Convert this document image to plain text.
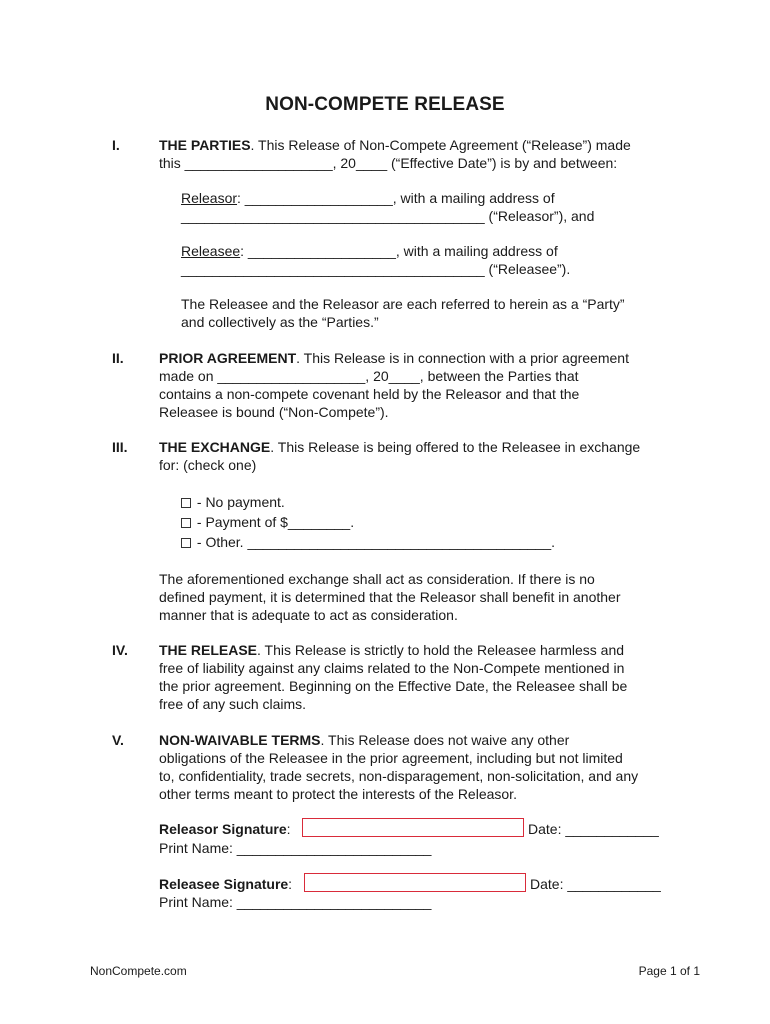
NON-COMPETE RELEASE
I.	THE PARTIES. This Release of Non-Compete Agreement (“Release”) made
this ___________________, 20____ (“Effective Date”) is by and between:
Releasor: ___________________, with a mailing address of
_______________________________________ (“Releasor”), and
Releasee: ___________________, with a mailing address of
_______________________________________ (“Releasee”).
The Releasee and the Releasor are each referred to herein as a “Party”
and collectively as the “Parties.”
II.	PRIOR AGREEMENT. This Release is in connection with a prior agreement
made on ___________________, 20____, between the Parties that
contains a non-compete covenant held by the Releasor and that the
Releasee is bound (“Non-Compete”).
III. THE EXCHANGE. This Release is being offered to the Releasee in exchange
for: (check one)
- No payment.
- Payment of $________.
- Other. _______________________________________.
The aforementioned exchange shall act as consideration. If there is no
defined payment, it is determined that the Releasor shall benefit in another
manner that is adequate to act as consideration.
IV. THE RELEASE. This Release is strictly to hold the Releasee harmless and
free of liability against any claims related to the Non-Compete mentioned in
the prior agreement. Beginning on the Effective Date, the Releasee shall be
free of any such claims.
V.	NON-WAIVABLE TERMS. This Release does not waive any other
obligations of the Releasee in the prior agreement, including but not limited
to, confidentiality, trade secrets, non-disparagement, non-solicitation, and any
other terms meant to protect the interests of the Releasor.
Releasor Signature:	Date: ____________
Print Name: _________________________
Releasee Signature:	Date: ____________
Print Name: _________________________
NonCompete.com	Page 1 of 1
